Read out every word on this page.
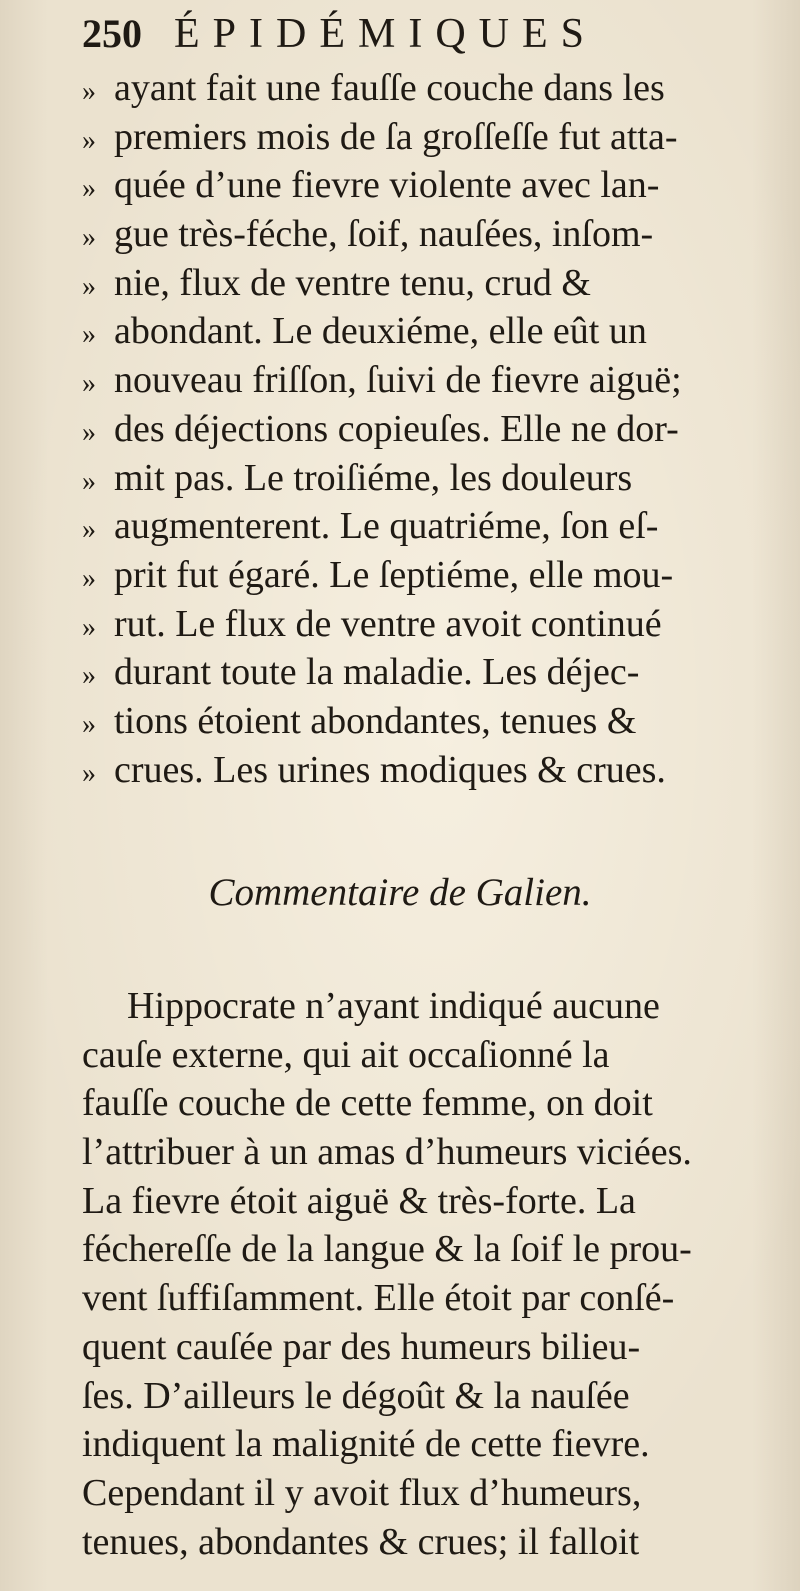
250 ÉPIDÉMIQUES
» ayant fait une fauſſe couche dans les
» premiers mois de ſa groſſeſſe fut atta-
» quée d’une fievre violente avec lan-
» gue très-féche, ſoif, nauſées, inſom-
» nie, flux de ventre tenu, crud &
» abondant. Le deuxiéme, elle eût un
» nouveau friſſon, ſuivi de fievre aiguë;
» des déjections copieuſes. Elle ne dor-
» mit pas. Le troiſiéme, les douleurs
» augmenterent. Le quatriéme, ſon eſ-
» prit fut égaré. Le ſeptiéme, elle mou-
» rut. Le flux de ventre avoit continué
» durant toute la maladie. Les déjec-
» tions étoient abondantes, tenues &
» crues. Les urines modiques & crues.
Commentaire de Galien.
Hippocrate n’ayant indiqué aucune
cauſe externe, qui ait occaſionné la
fauſſe couche de cette femme, on doit
l’attribuer à un amas d’humeurs viciées.
La fievre étoit aiguë & très-forte. La
féchereſſe de la langue & la ſoif le prou-
vent ſuffiſamment. Elle étoit par conſé-
quent cauſée par des humeurs bilieu-
ſes. D’ailleurs le dégoût & la nauſée
indiquent la malignité de cette fievre.
Cependant il y avoit flux d’humeurs,
tenues, abondantes & crues; il falloit
